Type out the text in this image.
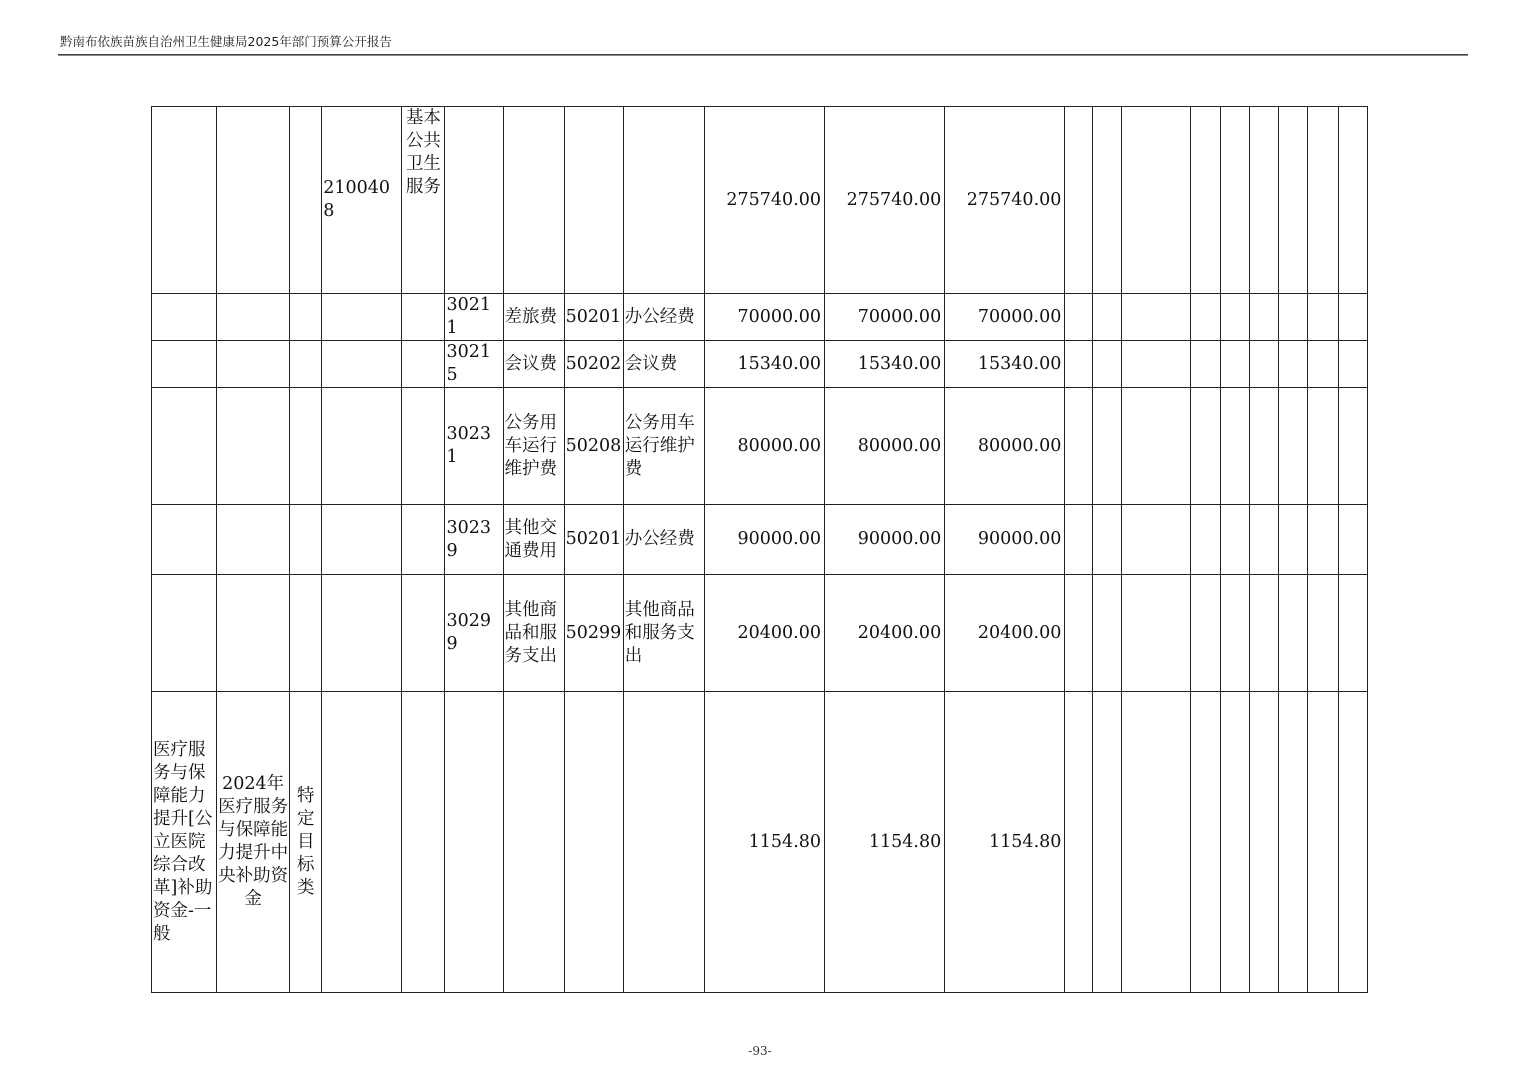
黔南布依族苗族自治州卫生健康局2025年部门预算公开报告
			2100408	基本公共卫生服务					275740.00	275740.00	275740.00									
					30211	差旅费	50201	办公经费	70000.00	70000.00	70000.00									
					30215	会议费	50202	会议费	15340.00	15340.00	15340.00									
					30231	公务用车运行维护费	50208	公务用车运行维护费	80000.00	80000.00	80000.00									
					30239	其他交通费用	50201	办公经费	90000.00	90000.00	90000.00									
					30299	其他商品和服务支出	50299	其他商品和服务支出	20400.00	20400.00	20400.00									
医疗服务与保障能力提升[公立医院综合改革]补助资金-一般	2024年医疗服务与保障能力提升中央补助资金	特定目标类							1154.80	1154.80	1154.80									
-93-
